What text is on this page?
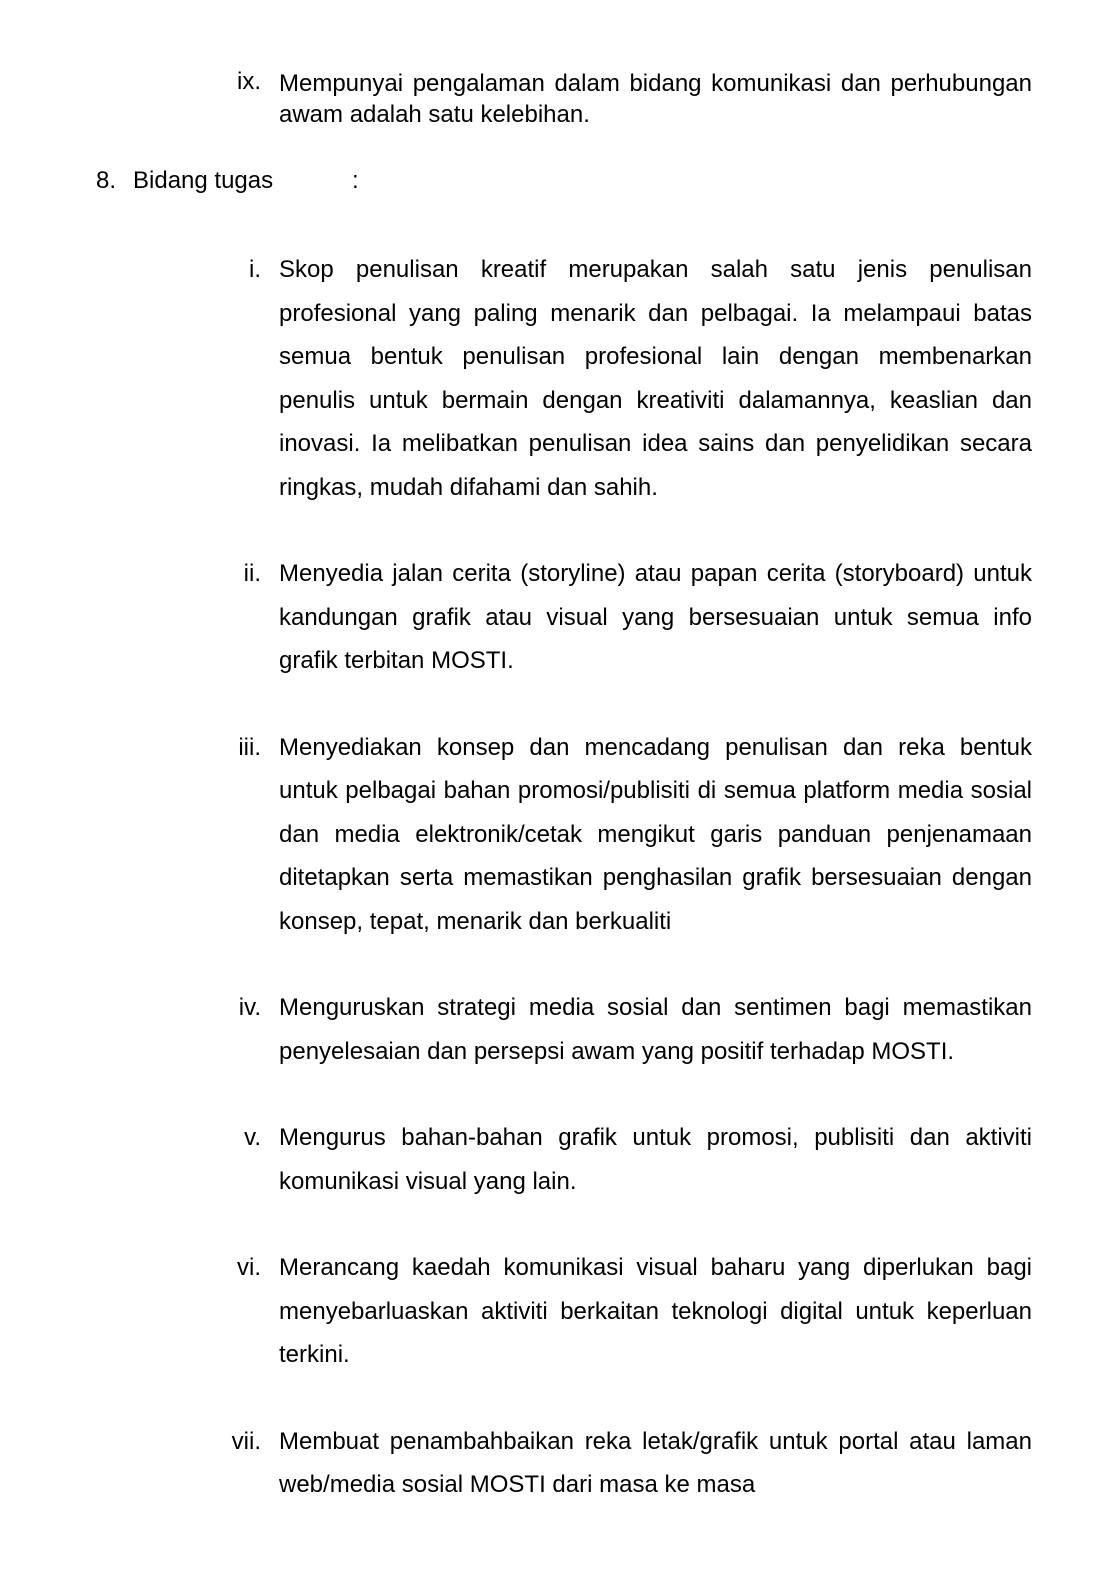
ix. Mempunyai pengalaman dalam bidang komunikasi dan perhubungan awam adalah satu kelebihan.
8. Bidang tugas	:
i. Skop penulisan kreatif merupakan salah satu jenis penulisan profesional yang paling menarik dan pelbagai. Ia melampaui batas semua bentuk penulisan profesional lain dengan membenarkan penulis untuk bermain dengan kreativiti dalamannya, keaslian dan inovasi. Ia melibatkan penulisan idea sains dan penyelidikan secara ringkas, mudah difahami dan sahih.
ii. Menyedia jalan cerita (storyline) atau papan cerita (storyboard) untuk kandungan grafik atau visual yang bersesuaian untuk semua info grafik terbitan MOSTI.
iii. Menyediakan konsep dan mencadang penulisan dan reka bentuk untuk pelbagai bahan promosi/publisiti di semua platform media sosial dan media elektronik/cetak mengikut garis panduan penjenamaan ditetapkan serta memastikan penghasilan grafik bersesuaian dengan konsep, tepat, menarik dan berkualiti
iv. Menguruskan strategi media sosial dan sentimen bagi memastikan penyelesaian dan persepsi awam yang positif terhadap MOSTI.
v. Mengurus bahan-bahan grafik untuk promosi, publisiti dan aktiviti komunikasi visual yang lain.
vi. Merancang kaedah komunikasi visual baharu yang diperlukan bagi menyebarluaskan aktiviti berkaitan teknologi digital untuk keperluan terkini.
vii. Membuat penambahbaikan reka letak/grafik untuk portal atau laman web/media sosial MOSTI dari masa ke masa
